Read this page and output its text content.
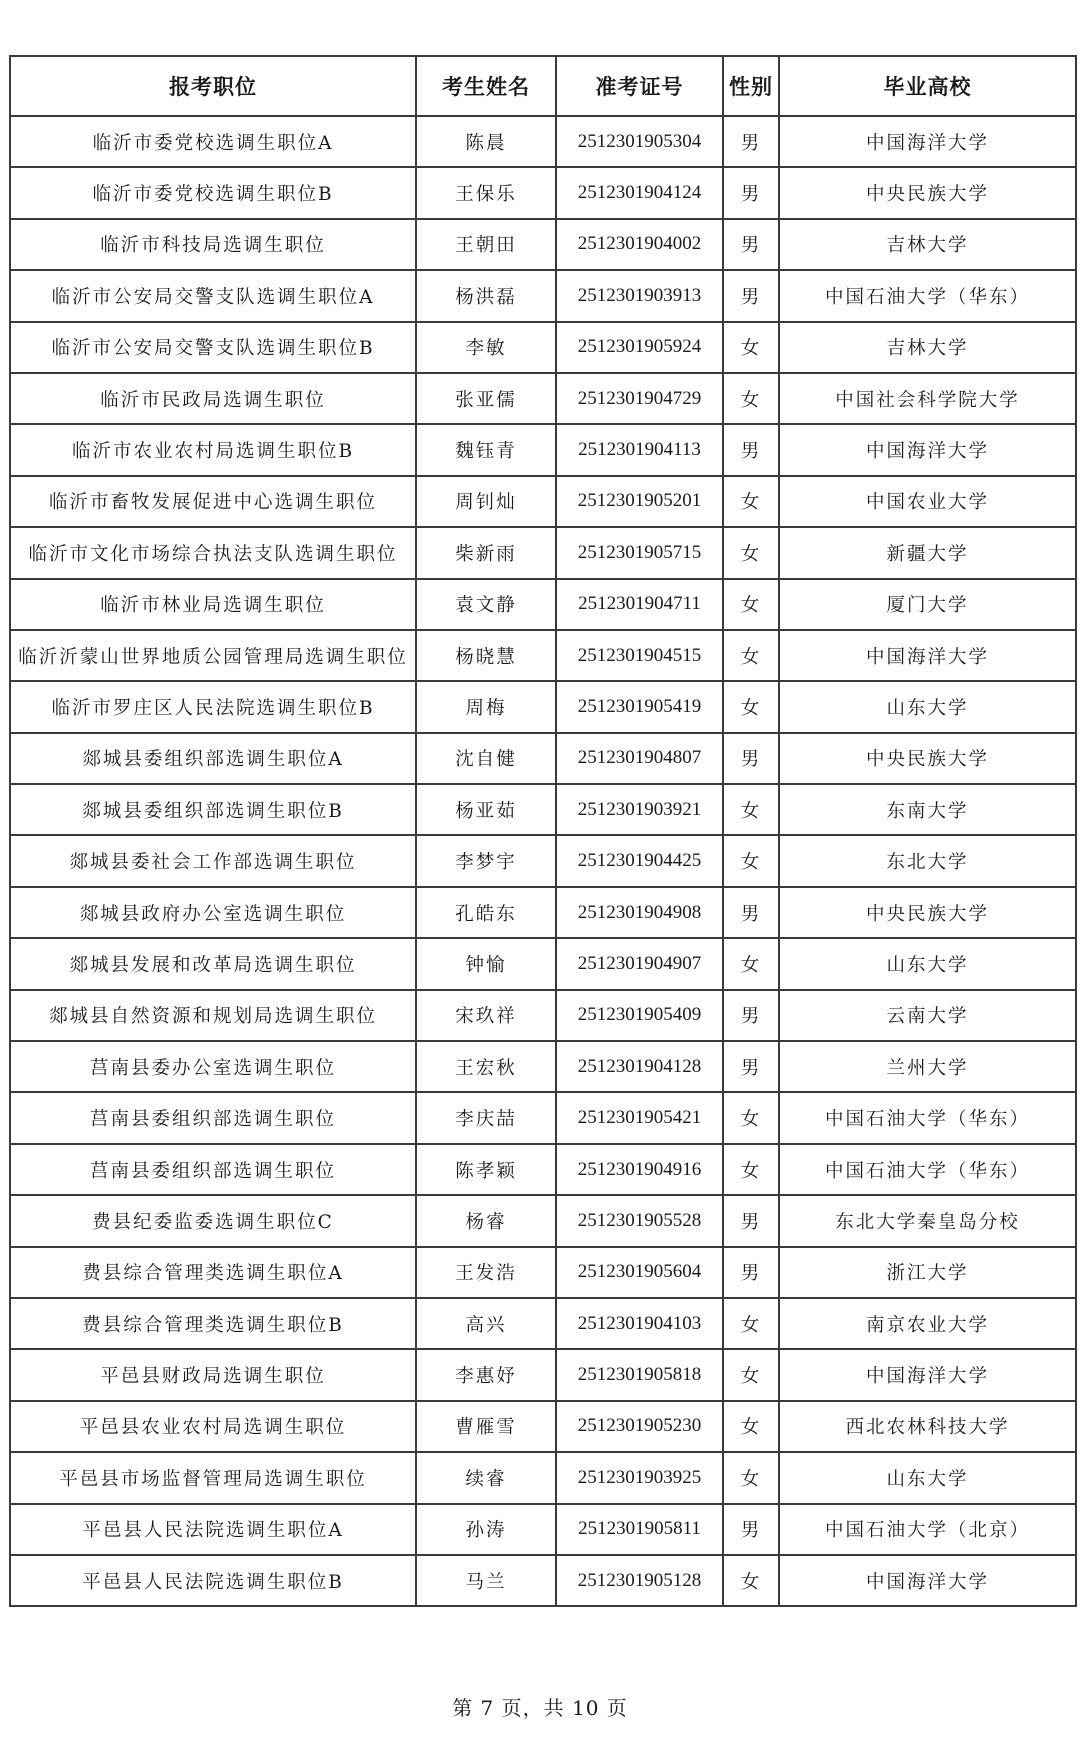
报考职位	考生姓名	准考证号	性别	毕业高校
临沂市委党校选调生职位A	陈晨	2512301905304	男	中国海洋大学
临沂市委党校选调生职位B	王保乐	2512301904124	男	中央民族大学
临沂市科技局选调生职位	王朝田	2512301904002	男	吉林大学
临沂市公安局交警支队选调生职位A	杨洪磊	2512301903913	男	中国石油大学（华东）
临沂市公安局交警支队选调生职位B	李敏	2512301905924	女	吉林大学
临沂市民政局选调生职位	张亚儒	2512301904729	女	中国社会科学院大学
临沂市农业农村局选调生职位B	魏钰青	2512301904113	男	中国海洋大学
临沂市畜牧发展促进中心选调生职位	周钊灿	2512301905201	女	中国农业大学
临沂市文化市场综合执法支队选调生职位	柴新雨	2512301905715	女	新疆大学
临沂市林业局选调生职位	袁文静	2512301904711	女	厦门大学
临沂沂蒙山世界地质公园管理局选调生职位	杨晓慧	2512301904515	女	中国海洋大学
临沂市罗庄区人民法院选调生职位B	周梅	2512301905419	女	山东大学
郯城县委组织部选调生职位A	沈自健	2512301904807	男	中央民族大学
郯城县委组织部选调生职位B	杨亚茹	2512301903921	女	东南大学
郯城县委社会工作部选调生职位	李梦宇	2512301904425	女	东北大学
郯城县政府办公室选调生职位	孔皓东	2512301904908	男	中央民族大学
郯城县发展和改革局选调生职位	钟愉	2512301904907	女	山东大学
郯城县自然资源和规划局选调生职位	宋玖祥	2512301905409	男	云南大学
莒南县委办公室选调生职位	王宏秋	2512301904128	男	兰州大学
莒南县委组织部选调生职位	李庆喆	2512301905421	女	中国石油大学（华东）
莒南县委组织部选调生职位	陈孝颖	2512301904916	女	中国石油大学（华东）
费县纪委监委选调生职位C	杨睿	2512301905528	男	东北大学秦皇岛分校
费县综合管理类选调生职位A	王发浩	2512301905604	男	浙江大学
费县综合管理类选调生职位B	高兴	2512301904103	女	南京农业大学
平邑县财政局选调生职位	李惠妤	2512301905818	女	中国海洋大学
平邑县农业农村局选调生职位	曹雁雪	2512301905230	女	西北农林科技大学
平邑县市场监督管理局选调生职位	续睿	2512301903925	女	山东大学
平邑县人民法院选调生职位A	孙涛	2512301905811	男	中国石油大学（北京）
平邑县人民法院选调生职位B	马兰	2512301905128	女	中国海洋大学
第 7 页，共 10 页
